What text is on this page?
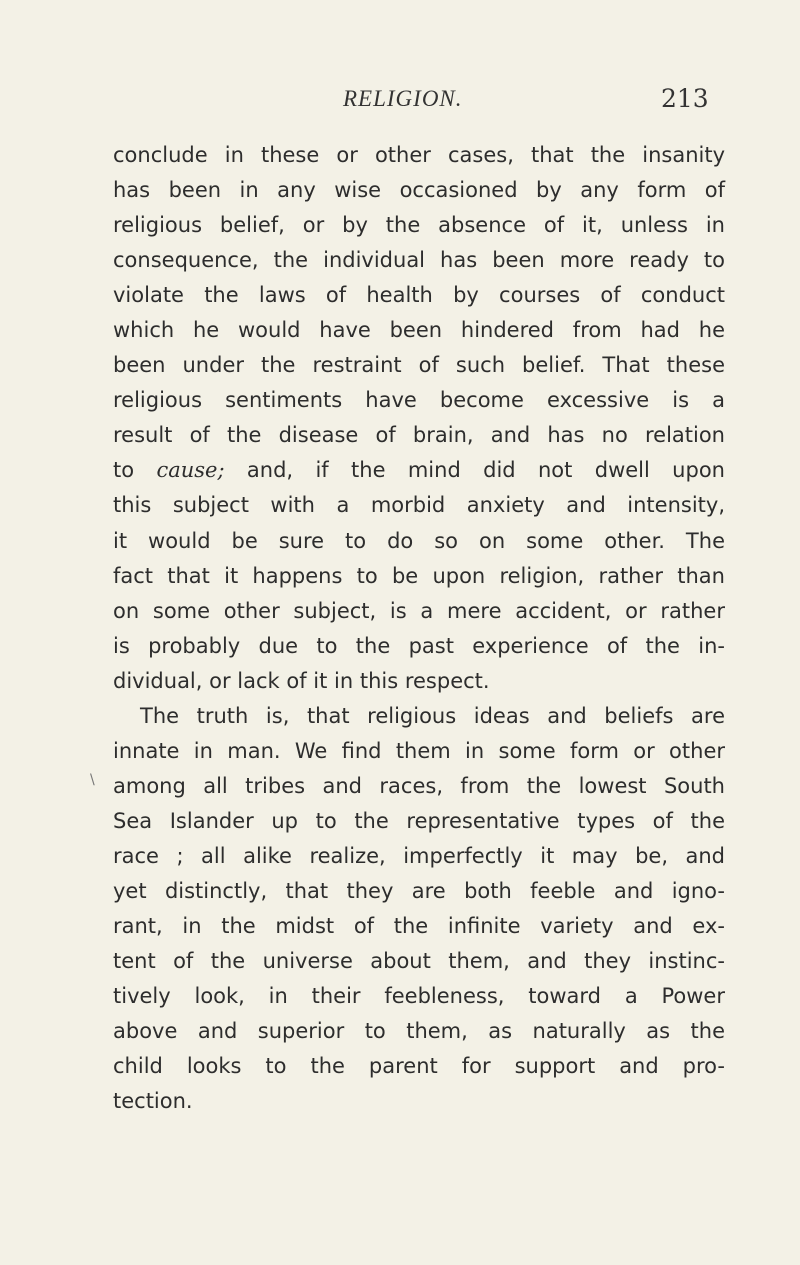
RELIGION.	213
conclude in these or other cases, that the insanity
has been in any wise occasioned by any form of
religious belief, or by the absence of it, unless in
consequence, the individual has been more ready to
violate the laws of health by courses of conduct
which he would have been hindered from had he
been under the restraint of such belief. That these
religious sentiments have become excessive is a
result of the disease of brain, and has no relation
to cause; and, if the mind did not dwell upon
this subject with a morbid anxiety and intensity,
it would be sure to do so on some other. The
fact that it happens to be upon religion, rather than
on some other subject, is a mere accident, or rather
is probably due to the past experience of the in-
dividual, or lack of it in this respect.
The truth is, that religious ideas and beliefs are
innate in man. We find them in some form or other
among all tribes and races, from the lowest South
Sea Islander up to the representative types of the
race ; all alike realize, imperfectly it may be, and
yet distinctly, that they are both feeble and igno-
rant, in the midst of the infinite variety and ex-
tent of the universe about them, and they instinc-
tively look, in their feebleness, toward a Power
above and superior to them, as naturally as the
child looks to the parent for support and pro-
tection.
\
